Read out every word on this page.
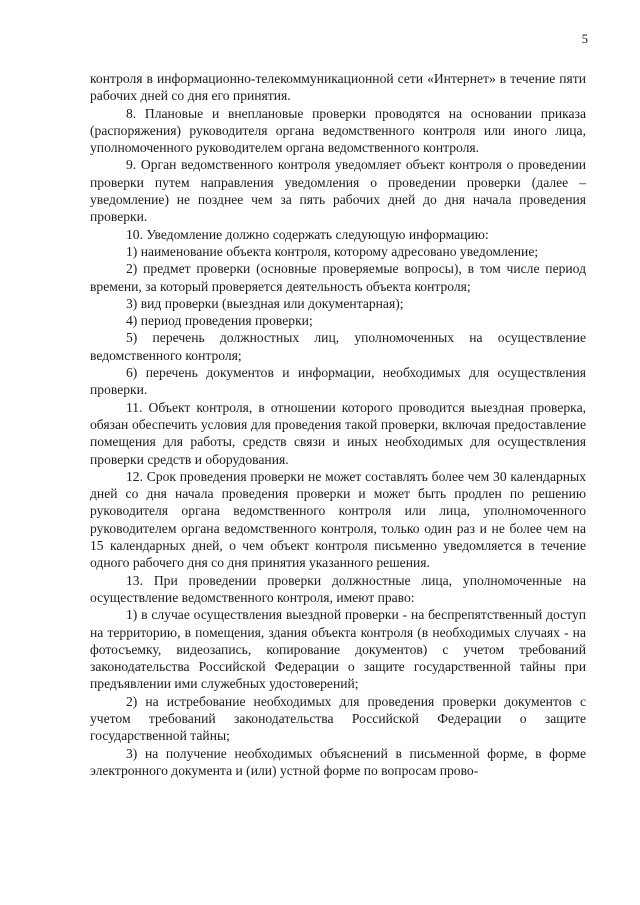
5

контроля в информационно-телекоммуникационной сети «Интернет» в течение пяти рабочих дней со дня его принятия.

8. Плановые и внеплановые проверки проводятся на основании приказа (распоряжения) руководителя органа ведомственного контроля или иного лица, уполномоченного руководителем органа ведомственного контроля.

9. Орган ведомственного контроля уведомляет объект контроля о проведении проверки путем направления уведомления о проведении проверки (далее – уведомление) не позднее чем за пять рабочих дней до дня начала проведения проверки.

10. Уведомление должно содержать следующую информацию:

1) наименование объекта контроля, которому адресовано уведомление;

2) предмет проверки (основные проверяемые вопросы), в том числе период времени, за который проверяется деятельность объекта контроля;

3) вид проверки (выездная или документарная);

4) период проведения проверки;

5) перечень должностных лиц, уполномоченных на осуществление ведомственного контроля;

6) перечень документов и информации, необходимых для осуществления проверки.

11. Объект контроля, в отношении которого проводится выездная проверка, обязан обеспечить условия для проведения такой проверки, включая предоставление помещения для работы, средств связи и иных необходимых для осуществления проверки средств и оборудования.

12. Срок проведения проверки не может составлять более чем 30 календарных дней со дня начала проведения проверки и может быть продлен по решению руководителя органа ведомственного контроля или лица, уполномоченного руководителем органа ведомственного контроля, только один раз и не более чем на 15 календарных дней, о чем объект контроля письменно уведомляется в течение одного рабочего дня со дня принятия указанного решения.

13. При проведении проверки должностные лица, уполномоченные на осуществление ведомственного контроля, имеют право:

1) в случае осуществления выездной проверки - на беспрепятственный доступ на территорию, в помещения, здания объекта контроля (в необходимых случаях - на фотосъемку, видеозапись, копирование документов) с учетом требований законодательства Российской Федерации о защите государственной тайны при предъявлении ими служебных удостоверений;

2) на истребование необходимых для проведения проверки документов с учетом требований законодательства Российской Федерации о защите государственной тайны;

3) на получение необходимых объяснений в письменной форме, в форме электронного документа и (или) устной форме по вопросам прово-
